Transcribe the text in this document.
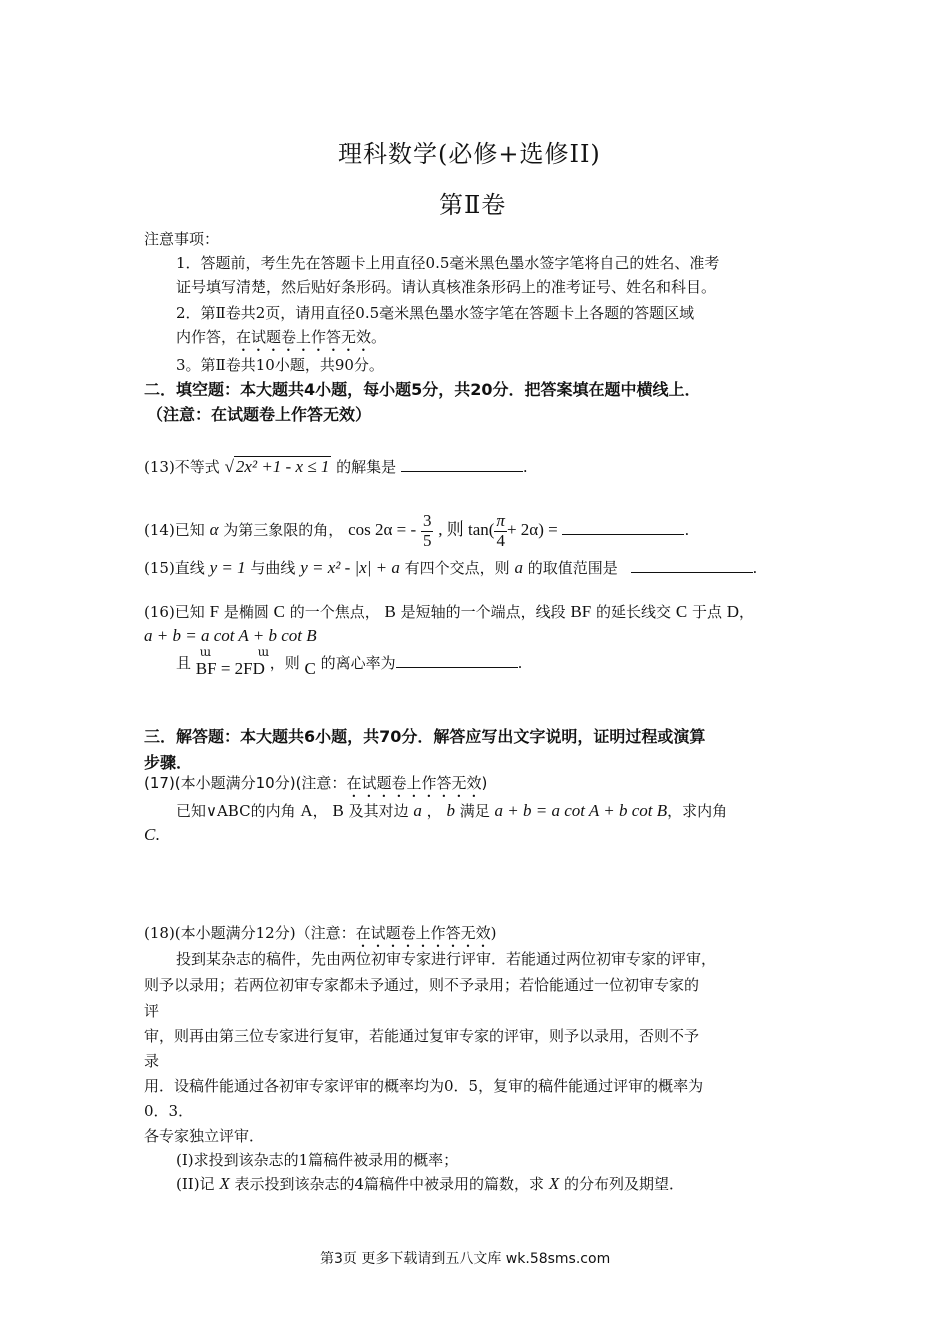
理科数学(必修+选修II)
第Ⅱ卷
注意事项：
1．答题前，考生先在答题卡上用直径0.5毫米黑色墨水签字笔将自己的姓名、准考
证号填写清楚，然后贴好条形码。请认真核准条形码上的准考证号、姓名和科目。
2．第Ⅱ卷共2页，请用直径0.5毫米黑色墨水签字笔在答题卡上各题的答题区域
内作答，在试题卷上作答无效。
3。第Ⅱ卷共10小题，共90分。
二．填空题：本大题共4小题，每小题5分，共20分．把答案填在题中横线上．
（注意：在试题卷上作答无效）
(13)不等式 √ 2x² +1 - x ≤ 1 的解集是	.
(14)已知 α 为第三象限的角， cos 2α = - $\frac{3}{5}$ , 则 $\tan( \frac{\pi}{4} + 2\alpha)$ =	.
(15)直线 y = 1 与曲线 y = x² - |x| + a 有四个交点，则 a 的取值范围是	.
(16)已知 F 是椭圆 C 的一个焦点， B 是短轴的一个端点，线段 BF 的延长线交 C 于点 D，
a + b = a cot A + b cot B
且
ɯ	ɯ
BF = 2FD ，则 C 的离心率为	.
三．解答题：本大题共6小题，共70分．解答应写出文字说明，证明过程或演算
步骤．
(17)(本小题满分10分)(注意：在试题卷上作答无效)
已知∨ABC的内角 A， B 及其对边 a ， b 满足 a + b = a cot A + b cot B，求内角
C.
(18)(本小题满分12分)（注意：在试题卷上作答无效)
投到某杂志的稿件，先由两位初审专家进行评审．若能通过两位初审专家的评审，
则予以录用；若两位初审专家都未予通过，则不予录用；若恰能通过一位初审专家的
评
审，则再由第三位专家进行复审，若能通过复审专家的评审，则予以录用，否则不予
录
用．设稿件能通过各初审专家评审的概率均为0．5，复审的稿件能通过评审的概率为
0．3．
各专家独立评审．
(I)求投到该杂志的1篇稿件被录用的概率；
(II)记 X 表示投到该杂志的4篇稿件中被录用的篇数，求 X 的分布列及期望．
第3页 更多下载请到五八文库 wk.58sms.com
